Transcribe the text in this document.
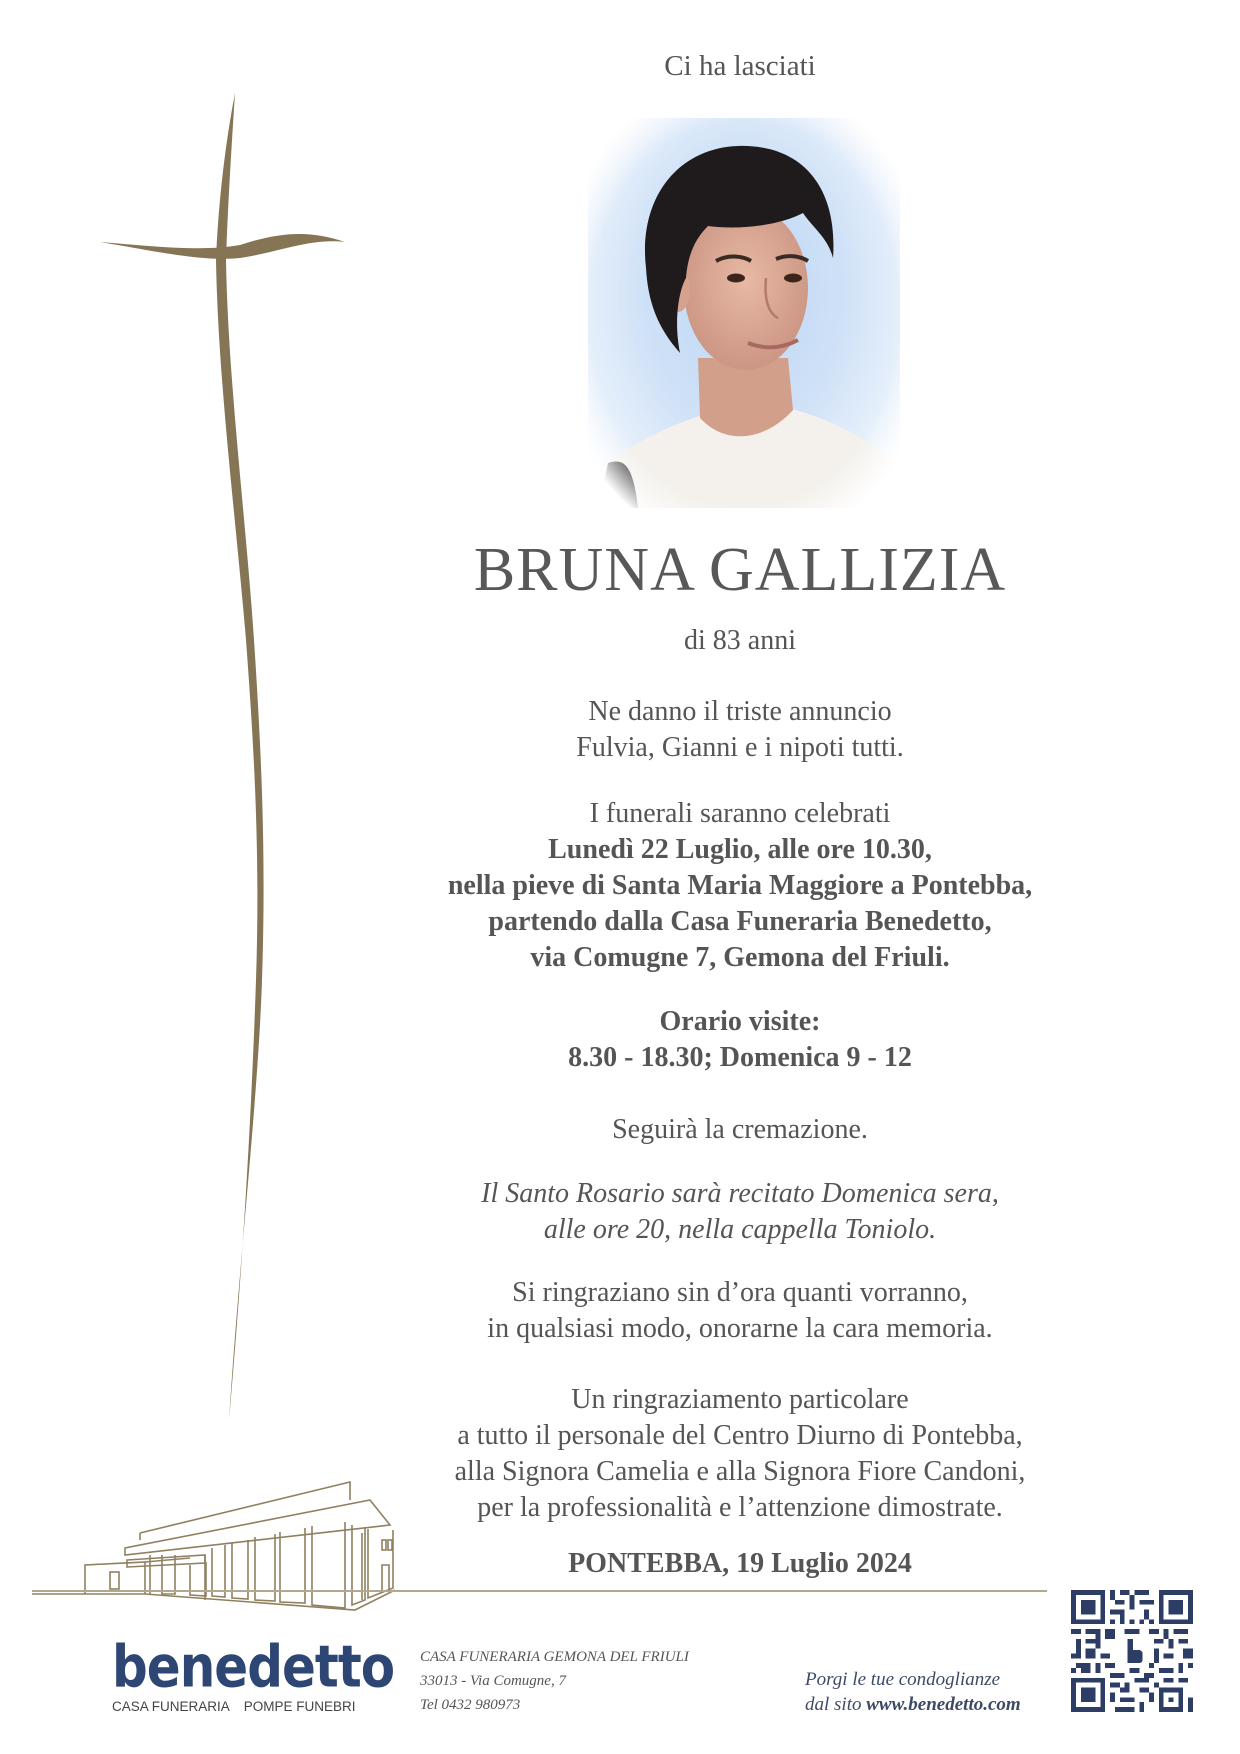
Ci ha lasciati
BRUNA GALLIZIA
di 83 anni
Ne danno il triste annuncio
Fulvia, Gianni e i nipoti tutti.
I funerali saranno celebrati
Lunedì 22 Luglio, alle ore 10.30,
nella pieve di Santa Maria Maggiore a Pontebba,
partendo dalla Casa Funeraria Benedetto,
via Comugne 7, Gemona del Friuli.
Orario visite:
8.30 - 18.30; Domenica 9 - 12
Seguirà la cremazione.
Il Santo Rosario sarà recitato Domenica sera,
alle ore 20, nella cappella Toniolo.
Si ringraziano sin d’ora quanti vorranno,
in qualsiasi modo, onorarne la cara memoria.
Un ringraziamento particolare
a tutto il personale del Centro Diurno di Pontebba,
alla Signora Camelia e alla Signora Fiore Candoni,
per la professionalità e l’attenzione dimostrate.
PONTEBBA, 19 Luglio 2024
benedetto
CASA FUNERARIA POMPE FUNEBRI
CASA FUNERARIA GEMONA DEL FRIULI
33013 - Via Comugne, 7
Tel 0432 980973
Porgi le tue condoglianze
dal sito www.benedetto.com
